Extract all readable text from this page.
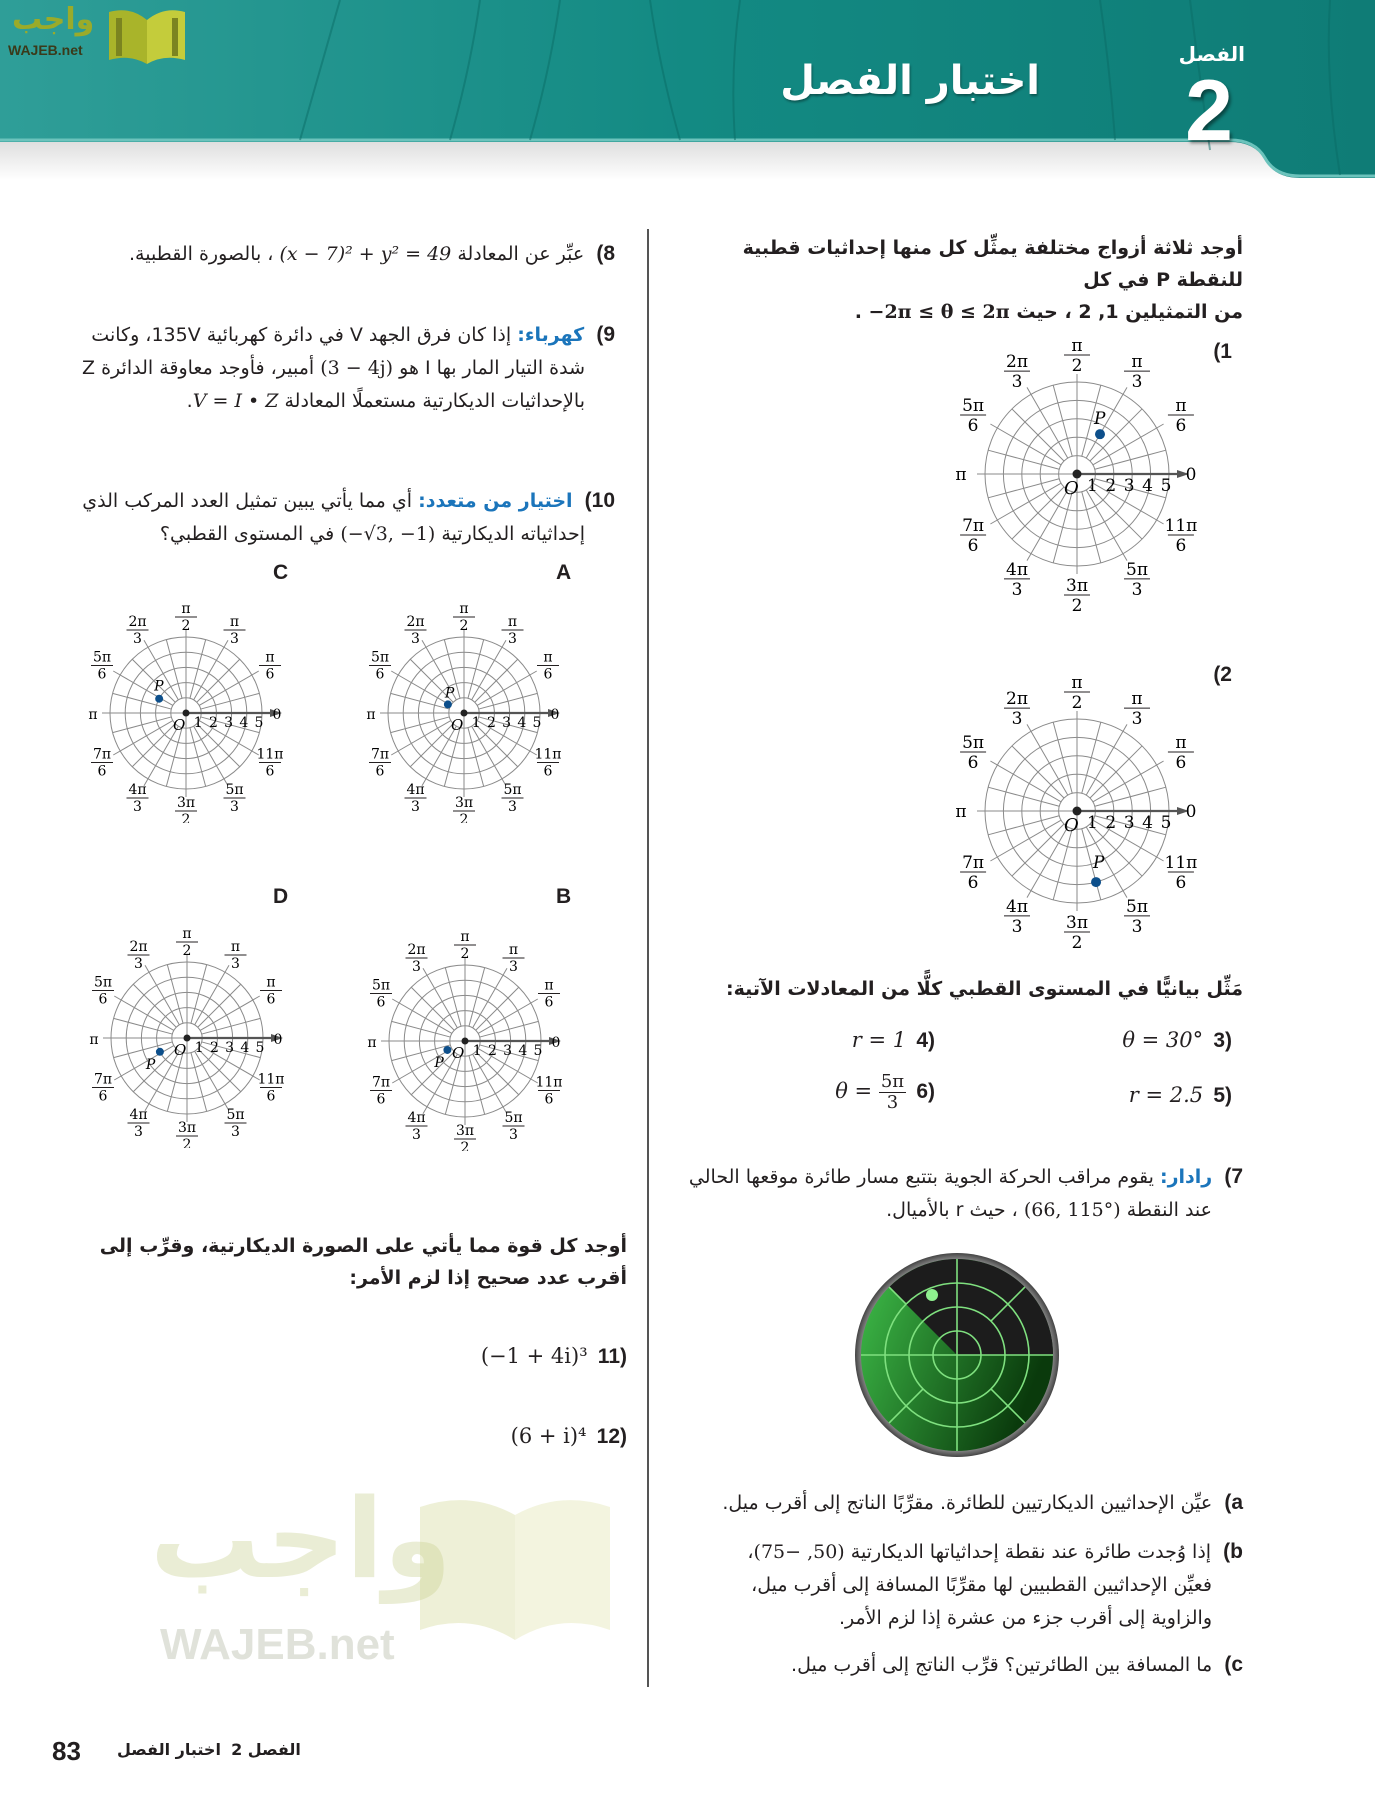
واجب
WAJEB.net
اختبار الفصل
الفصل
2
واجب
WAJEB.net
أوجد ثلاثة أزواج مختلفة يمثِّل كل منها إحداثيات قطبية للنقطة P في كل
من التمثيلين 1, 2 ، حيث −2π ≤ θ ≤ 2π .
(1
O 1 2 3 4 5
0
π
6
π
3
π
2
2π
3
5π
6
π
7π
6
4π
3	3π
2
5π
3
11π
6
P
(2
O 1 2 3 4 5
0
π
6
π
3
π
2
2π
3
5π
6
π
7π
6
4π
3	3π
2
5π
3
11π
6
P
مَثِّل بيانيًّا في المستوى القطبي كلًّا من المعادلات الآتية:
(3  θ = 30°
(4  r = 1
(5  r = 2.5
(6  $\theta = \frac{5\pi}{3}$
7)  رادار: يقوم مراقب الحركة الجوية بتتبع مسار طائرة موقعها الحالي
عند النقطة (66, 115°) ، حيث r بالأميال.
a)  عيِّن الإحداثيين الديكارتيين للطائرة. مقرِّبًا الناتج إلى أقرب ميل.
b)  إذا وُجدت طائرة عند نقطة إحداثياتها الديكارتية (75− ,50)،
فعيِّن الإحداثيين القطبيين لها مقرِّبًا المسافة إلى أقرب ميل،
والزاوية إلى أقرب جزء من عشرة إذا لزم الأمر.
c)  ما المسافة بين الطائرتين؟ قرِّب الناتج إلى أقرب ميل.
8)  عبِّر عن المعادلة (x − 7)² + y² = 49 ، بالصورة القطبية.
9)  كهرباء: إذا كان فرق الجهد V في دائرة كهربائية 135V، وكانت
شدة التيار المار بها I هو (3 − 4j) أمبير، فأوجد معاوقة الدائرة Z
بالإحداثيات الديكارتية مستعملًا المعادلة V = I • Z.
10)  اختيار من متعدد: أي مما يأتي يبين تمثيل العدد المركب الذي
إحداثياته الديكارتية (−√3, −1) في المستوى القطبي؟
A
C
B
D
O 1 2 3 4 5 0
π
6
π
3
π
2
2π
3
5π
6
π
7π
6
4π
3 3π
2
5π
3
11π
6
P
O 1 2 3 4 5 0
π
6
π
3
π
2
2π
3
5π
6
π
7π
6
4π
3 3π
2
5π
3
11π
6
P
O 1 2 3 4 5 0
π
6
π
3
π
2
2π
3
5π
6
π
7π
6
4π
3 3π
2
5π
3
11π
6
P
O 1 2 3 4 5 0
π
6
π
3
π
2
2π
3
5π
6
π
7π
6
4π
3 3π
2
5π
3
11π
6
P
أوجد كل قوة مما يأتي على الصورة الديكارتية، وقرِّب إلى أقرب عدد صحيح إذا لزم الأمر:
(11  (−1 + 4i)³
(12  (6 + i)⁴
83	الفصل 2  اختبار الفصل
